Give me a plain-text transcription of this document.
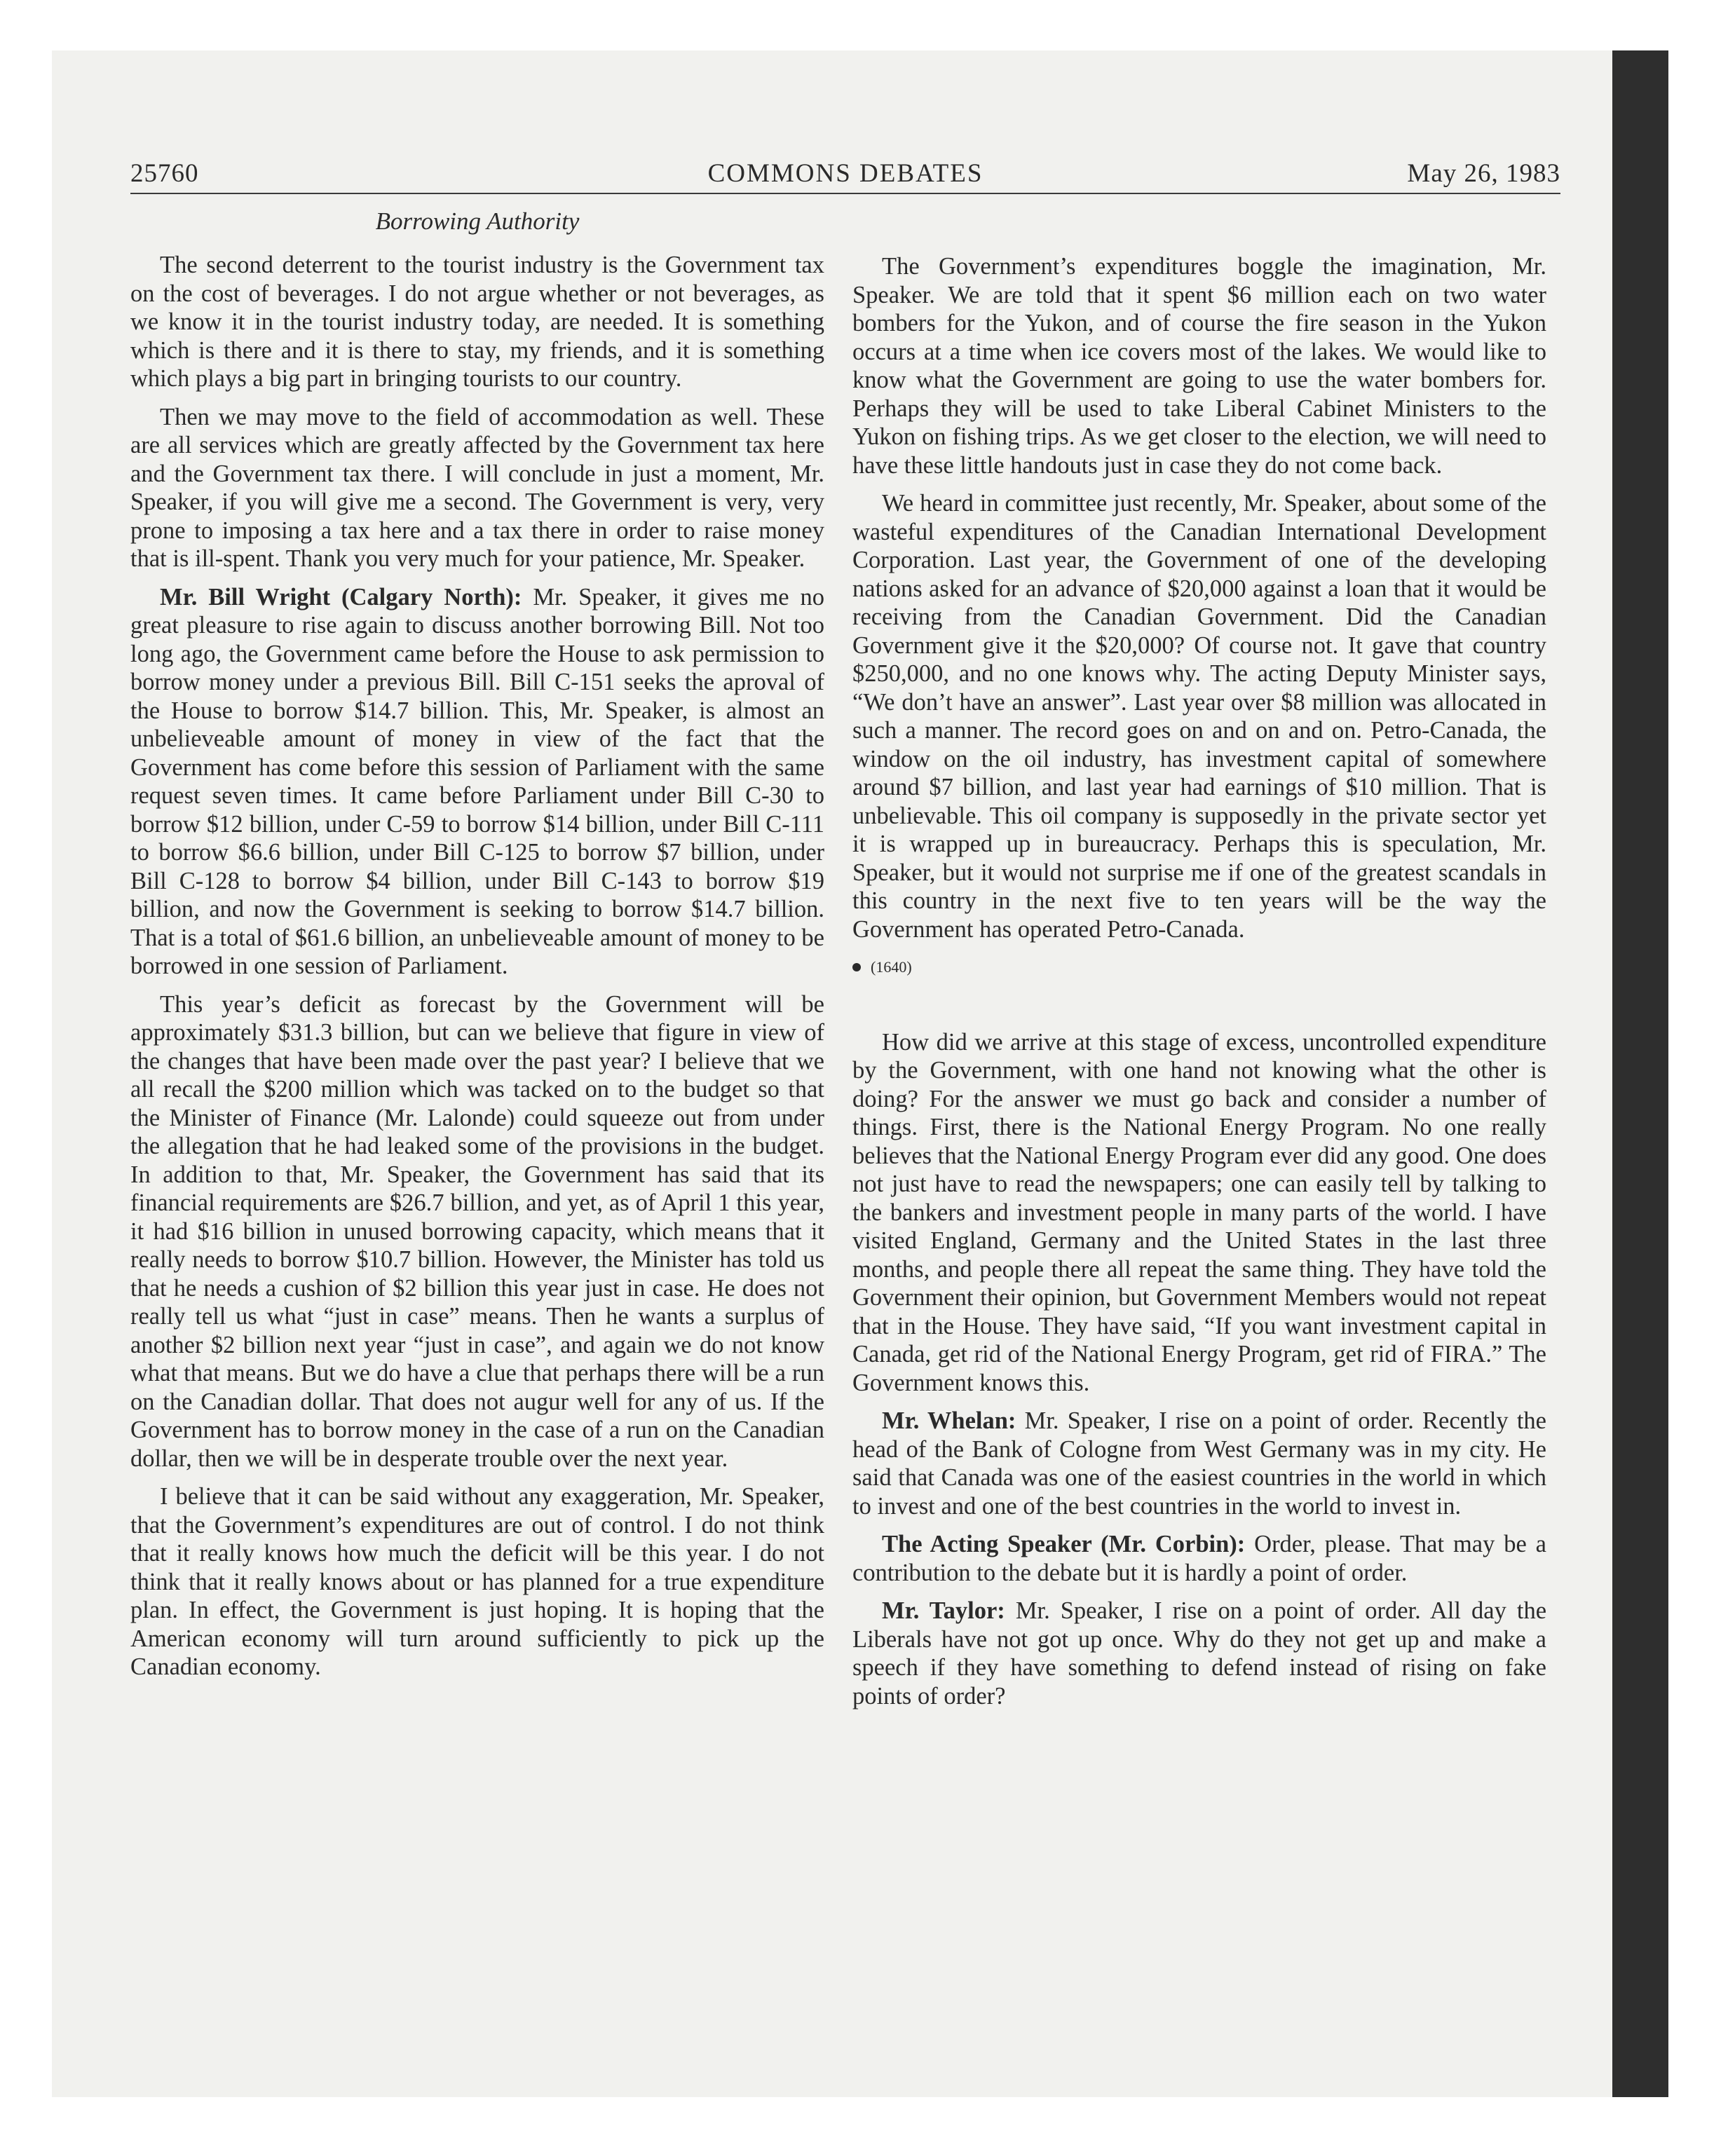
25760	COMMONS DEBATES	May 26, 1983
Borrowing Authority

The second deterrent to the tourist industry is the Government tax on the cost of beverages. I do not argue whether or not beverages, as we know it in the tourist industry today, are needed. It is something which is there and it is there to stay, my friends, and it is something which plays a big part in bringing tourists to our country.

Then we may move to the field of accommodation as well. These are all services which are greatly affected by the Government tax here and the Government tax there. I will conclude in just a moment, Mr. Speaker, if you will give me a second. The Government is very, very prone to imposing a tax here and a tax there in order to raise money that is ill-spent. Thank you very much for your patience, Mr. Speaker.

Mr. Bill Wright (Calgary North): Mr. Speaker, it gives me no great pleasure to rise again to discuss another borrowing Bill. Not too long ago, the Government came before the House to ask permission to borrow money under a previous Bill. Bill C-151 seeks the aproval of the House to borrow $14.7 billion. This, Mr. Speaker, is almost an unbelieveable amount of money in view of the fact that the Government has come before this session of Parliament with the same request seven times. It came before Parliament under Bill C-30 to borrow $12 billion, under C-59 to borrow $14 billion, under Bill C-111 to borrow $6.6 billion, under Bill C-125 to borrow $7 billion, under Bill C-128 to borrow $4 billion, under Bill C-143 to borrow $19 billion, and now the Government is seeking to borrow $14.7 billion. That is a total of $61.6 billion, an unbelieveable amount of money to be borrowed in one session of Parliament.

This year’s deficit as forecast by the Government will be approximately $31.3 billion, but can we believe that figure in view of the changes that have been made over the past year? I believe that we all recall the $200 million which was tacked on to the budget so that the Minister of Finance (Mr. Lalonde) could squeeze out from under the allegation that he had leaked some of the provisions in the budget. In addition to that, Mr. Speaker, the Government has said that its financial requirements are $26.7 billion, and yet, as of April 1 this year, it had $16 billion in unused borrowing capacity, which means that it really needs to borrow $10.7 billion. However, the Minister has told us that he needs a cushion of $2 billion this year just in case. He does not really tell us what “just in case” means. Then he wants a surplus of another $2 billion next year “just in case”, and again we do not know what that means. But we do have a clue that perhaps there will be a run on the Canadian dollar. That does not augur well for any of us. If the Government has to borrow money in the case of a run on the Canadian dollar, then we will be in desperate trouble over the next year.

I believe that it can be said without any exaggeration, Mr. Speaker, that the Government’s expenditures are out of control. I do not think that it really knows how much the deficit will be this year. I do not think that it really knows about or has planned for a true expenditure plan. In effect, the Government is just hoping. It is hoping that the American economy will turn around sufficiently to pick up the Canadian economy.

The Government’s expenditures boggle the imagination, Mr. Speaker. We are told that it spent $6 million each on two water bombers for the Yukon, and of course the fire season in the Yukon occurs at a time when ice covers most of the lakes. We would like to know what the Government are going to use the water bombers for. Perhaps they will be used to take Liberal Cabinet Ministers to the Yukon on fishing trips. As we get closer to the election, we will need to have these little handouts just in case they do not come back.

We heard in committee just recently, Mr. Speaker, about some of the wasteful expenditures of the Canadian International Development Corporation. Last year, the Government of one of the developing nations asked for an advance of $20,000 against a loan that it would be receiving from the Canadian Government. Did the Canadian Government give it the $20,000? Of course not. It gave that country $250,000, and no one knows why. The acting Deputy Minister says, “We don’t have an answer”. Last year over $8 million was allocated in such a manner. The record goes on and on and on. Petro-Canada, the window on the oil industry, has investment capital of somewhere around $7 billion, and last year had earnings of $10 million. That is unbelievable. This oil company is supposedly in the private sector yet it is wrapped up in bureaucracy. Perhaps this is speculation, Mr. Speaker, but it would not surprise me if one of the greatest scandals in this country in the next five to ten years will be the way the Government has operated Petro-Canada.

(1640)

How did we arrive at this stage of excess, uncontrolled expenditure by the Government, with one hand not knowing what the other is doing? For the answer we must go back and consider a number of things. First, there is the National Energy Program. No one really believes that the National Energy Program ever did any good. One does not just have to read the newspapers; one can easily tell by talking to the bankers and investment people in many parts of the world. I have visited England, Germany and the United States in the last three months, and people there all repeat the same thing. They have told the Government their opinion, but Government Members would not repeat that in the House. They have said, “If you want investment capital in Canada, get rid of the National Energy Program, get rid of FIRA.” The Government knows this.

Mr. Whelan: Mr. Speaker, I rise on a point of order. Recently the head of the Bank of Cologne from West Germany was in my city. He said that Canada was one of the easiest countries in the world in which to invest and one of the best countries in the world to invest in.

The Acting Speaker (Mr. Corbin): Order, please. That may be a contribution to the debate but it is hardly a point of order.

Mr. Taylor: Mr. Speaker, I rise on a point of order. All day the Liberals have not got up once. Why do they not get up and make a speech if they have something to defend instead of rising on fake points of order?
